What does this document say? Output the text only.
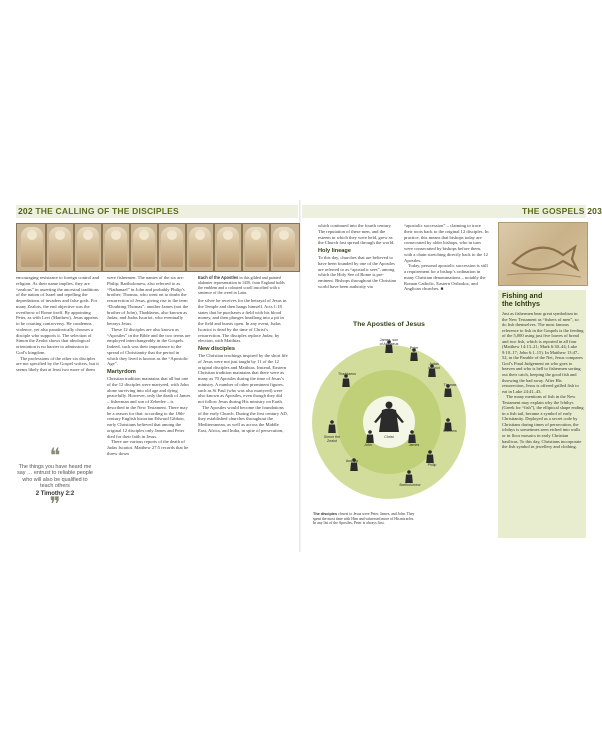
202 THE CALLING OF THE DISCIPLES

encouraging resistance to foreign control and religion. As their name implies, they are “zealous” in asserting the ancestral traditions of the nation of Israel and repelling the depredations of invaders and false gods. For many Zealots, the end objective was the overthrow of Rome itself. By appointing Peter, as with Levi (Matthew), Jesus appears to be courting controversy. He condemns violence, yet also paradoxically chooses a disciple who supports it. The selection of Simon the Zealot shows that ideological orientation is no barrier to admission to God’s kingdom.

The professions of the other six disciples are not specified by the Gospel writers, but it seems likely that at least two more of them

❝
The things you have heard me say … entrust to reliable people who will also be qualified to teach others
2 Timothy 2:2
❞

were fishermen. The names of the six are: Philip; Bartholomew, also referred to as “Nathanael” in John and probably Philip’s brother; Thomas, who went on to doubt the resurrection of Jesus, giving rise to the term “Doubting Thomas”; another James (not the brother of John), Thaddaeus, also known as Judas; and Judas Iscariot, who eventually betrays Jesus.

These 12 disciples are also known as “Apostles” in the Bible and the two terms are employed interchangeably in the Gospels. Indeed, such was their importance to the spread of Christianity that the period in which they lived is known as the “Apostolic Age”.

Martyrdom

Christian tradition maintains that all but one of the 12 disciples were martyred, with John alone surviving into old age and dying peacefully. However, only the death of James – fisherman and son of Zebedee – is described in the New Testament. There may be a reason for that: according to the 18th-century English historian Edward Gibbon, early Christians believed that among the original 12 disciples only James and Peter died for their faith in Jesus.

There are various reports of the death of Judas Iscariot. Matthew 27:5 records that he threw down

Each of the Apostles in this gilded and painted alabaster representation in 1450, from England holds the emblem and a coloured scroll inscribed with a sentence of the creed in Latin.

the silver he receives for the betrayal of Jesus in the Temple and then hangs himself. Acts 1:18 states that he purchases a field with his blood money, and then plunges headlong into a pit in the field and bursts open. In any event, Judas Iscariot is dead by the time of Christ’s resurrection. The disciples replace Judas; by election, with Matthias.

New disciples

The Christian teachings inspired by the short life of Jesus were not just taught by 11 of the 12 original disciples and Matthias. Instead, Eastern Christian tradition maintains that there were as many as 70 Apostles during the time of Jesus’s ministry. A number of other prominent figures, such as St Paul (who was also martyred) were also known as Apostles, even though they did not follow Jesus during His ministry on Earth.

The Apostles would become the foundations of the early Church. During the first century AD, they established churches throughout the Mediterranean, as well as across the Middle East, Africa, and India, in spite of persecution,

THE GOSPELS 203

which continued into the fourth century. The reputation of these men, and the esteem in which they were held, grew as the Church fast spread through the world.

Holy lineage

To this day, churches that are believed to have been founded by one of the Apostles are referred to as “apostolic sees”, among which the Holy See of Rome is pre-eminent. Bishops throughout the Christian world have been authority via

“apostolic succession” – claiming to trace their roots back to the original 12 disciples. In practice, this means that bishops today are consecrated by older bishops, who in turn were consecrated by bishops before them, with a chain stretching directly back to the 12 Apostles.

Today, personal apostolic succession is still a requirement for a bishop’s ordination in many Christian denominations – notably the Roman Catholic, Eastern Orthodox, and Anglican churches. ■

The Apostles of Jesus
Christ
James, son of Alphaeus
Peter
Judas Iscariot
Thomas
Matthew
Philip
Bartholomew
Andrew
Simon the Zealot
Thaddaeus
John	James
The disciples closest to Jesus were Peter, James, and John. They spent the most time with Him and witnessed more of His miracles. In any list of the Apostles, Peter is always first.
Fishing and
the Ichthys

Just as fishermen bear great symbolism in the New Testament as “fishers of men”, so do fish themselves. The most famous reference to fish in the Gospels is the feeding of the 5,000 using just five loaves of bread and two fish, which is reported in all four (Matthew 14:13–21; Mark 6:30–44; Luke 9:10–17; John 6:1–15). In Matthew 13:47–52, in the Parable of the Net, Jesus compares God’s Final Judgement on who goes to heaven and who is hell to fishermen sorting out their catch, keeping the good fish and throwing the bad away. After His resurrection, Jesus is offered grilled fish to eat in Luke 24:41–43.

The many mentions of fish in the New Testament may explain why the Ichthys (Greek for “fish”), the elliptical shape ending in a fish tail, became a symbol of early Christianity. Deployed as a secret code by Christians during times of persecution, the ichthys is sometimes seen etched into walls or in floor mosaics in early Christian basilicas. To this day, Christians incorporate the fish symbol in jewellery and clothing.
